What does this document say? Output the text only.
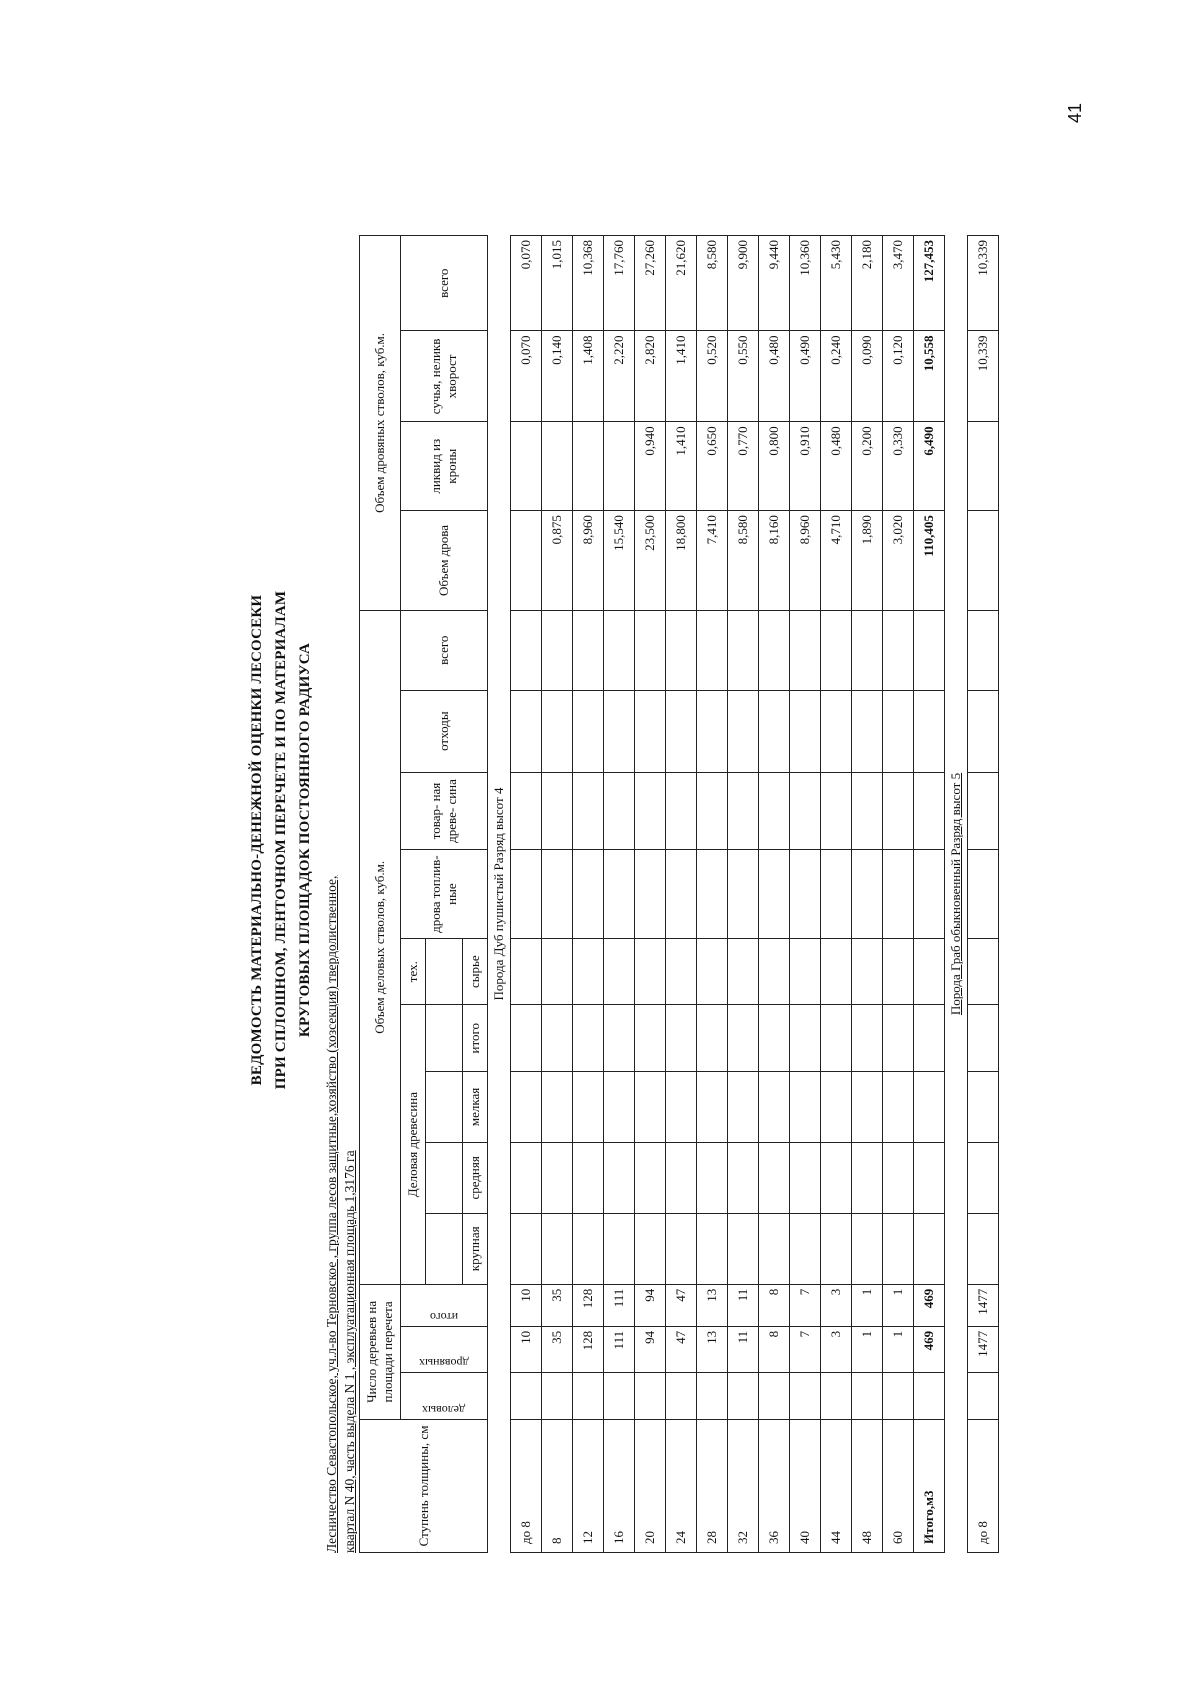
41
ВЕДОМОСТЬ МАТЕРИАЛЬНО-ДЕНЕЖНОЙ ОЦЕНКИ ЛЕСОСЕКИ ПРИ СПЛОШНОМ, ЛЕНТОЧНОМ ПЕРЕЧЕТЕ И ПО МАТЕРИАЛАМ КРУГОВЫХ ПЛОЩАДОК ПОСТОЯННОГО РАДИУСА
Лесничество Севастопольское, уч.л-во Терновское , группа лесов защитные,хозяйство (хозсекция) твердолиственное, квартал N 40, часть выдела N 1 , эксплуатационная площадь 1,3176 га	Ступень толщины, см	Число деревьев на площади перечета			Объем деловых стволов, куб.м.									Объем дровяных стволов, куб.м.			

	деловых	дровяных	итого	Деловая древесина				тех.	дрова топлив- ные	товар- ная древе- сина	отходы	всего	Объем дрова	ликвид из кроны	сучья, неликв хворост	всего

				крупная	средняя	мелкая	итого	сырье								
Порода Дуб пушистый Разряд высот 4																
до 8		10	10												0,070	0,070
8		35	35										0,875		0,140	1,015
12		128	128										8,960		1,408	10,368
16		111	111										15,540		2,220	17,760
20		94	94										23,500	0,940	2,820	27,260
24		47	47										18,800	1,410	1,410	21,620
28		13	13										7,410	0,650	0,520	8,580
32		11	11										8,580	0,770	0,550	9,900
36		8	8										8,160	0,800	0,480	9,440
40		7	7										8,960	0,910	0,490	10,360
44		3	3										4,710	0,480	0,240	5,430
48		1	1										1,890	0,200	0,090	2,180
60		1	1										3,020	0,330	0,120	3,470
Итого,м3		469	469										110,405	6,490	10,558	127,453
Порода Граб обыкновенный Разряд высот 5																
до 8		1477	1477												10,339	10,339
